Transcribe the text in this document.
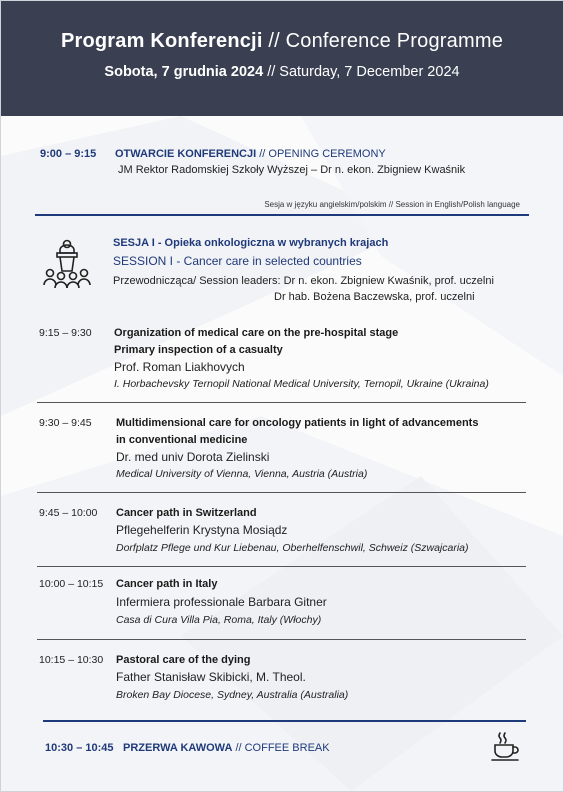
Program Konferencji // Conference Programme
Sobota, 7 grudnia 2024 // Saturday, 7 December 2024
9:00 – 9:15 OTWARCIE KONFERENCJI // OPENING CEREMONY
JM Rektor Radomskiej Szkoły Wyższej – Dr n. ekon. Zbigniew Kwaśnik
Sesja w języku angielskim/polskim // Session in English/Polish language
SESJA I - Opieka onkologiczna w wybranych krajach
SESSION I - Cancer care in selected countries
Przewodnicząca/ Session leaders: Dr n. ekon. Zbigniew Kwaśnik, prof. uczelni
Dr hab. Bożena Baczewska, prof. uczelni
9:15 – 9:30 Organization of medical care on the pre-hospital stage
Primary inspection of a casualty
Prof. Roman Liakhovych
I. Horbachevsky Ternopil National Medical University, Ternopil, Ukraine (Ukraina)
9:30 – 9:45 Multidimensional care for oncology patients in light of advancements
in conventional medicine
Dr. med univ Dorota Zielinski
Medical University of Vienna, Vienna, Austria (Austria)
9:45 – 10:00 Cancer path in Switzerland
Pflegehelferin Krystyna Mosiądz
Dorfplatz Pflege und Kur Liebenau, Oberhelfenschwil, Schweiz (Szwajcaria)
10:00 – 10:15 Cancer path in Italy
Infermiera professionale Barbara Gitner
Casa di Cura Villa Pia, Roma, Italy (Włochy)
10:15 – 10:30 Pastoral care of the dying
Father Stanisław Skibicki, M. Theol.
Broken Bay Diocese, Sydney, Australia (Australia)
10:30 – 10:45 PRZERWA KAWOWA // COFFEE BREAK
